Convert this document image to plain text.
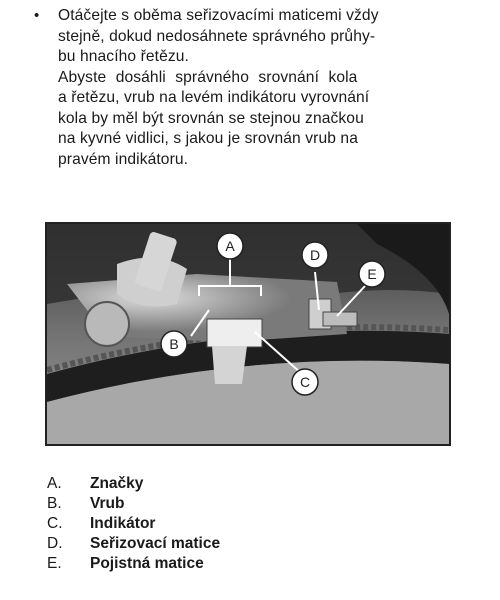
• Otáčejte s oběma seřizovacími maticemi vždy

stejně, dokud nedosáhnete správného průhy-

bu hnacího řetězu.

Abyste dosáhli správného srovnání kola

a řetězu, vrub na levém indikátoru vyrovnání

kola by měl být srovnán se stejnou značkou

na kyvné vidlici, s jakou je srovnán vrub na

pravém indikátoru.

A
B
C
D
E
A.	Značky
B.	Vrub
C.	Indikátor
D.	Seřizovací matice
E.	Pojistná matice
